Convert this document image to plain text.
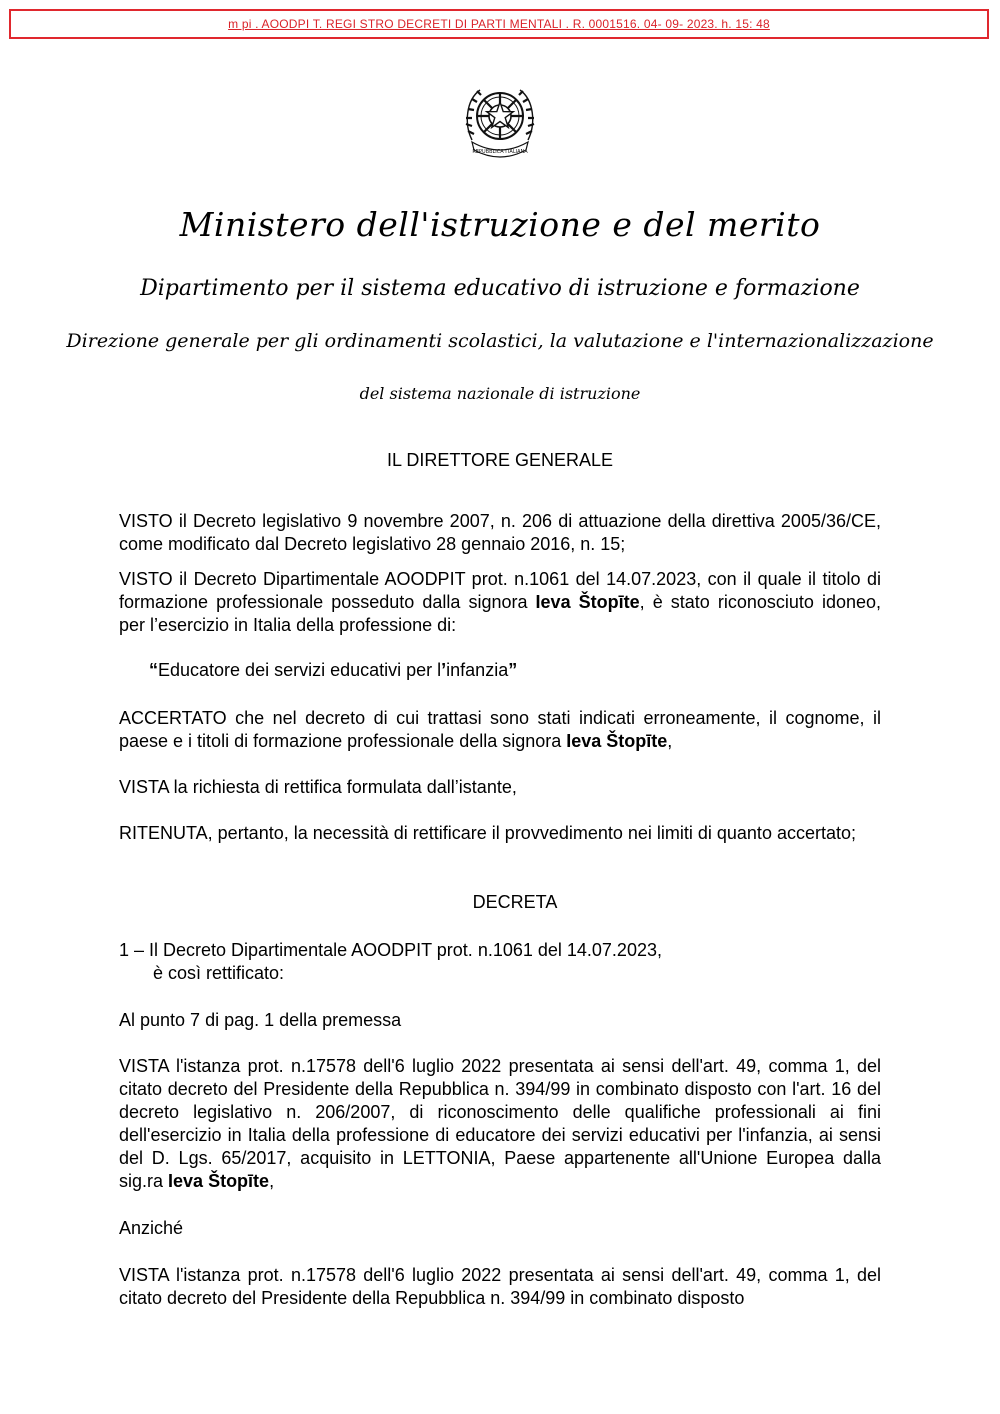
m pi . AOODPI T. REGI STRO DECRETI DI PARTI MENTALI . R. 0001516. 04- 09- 2023. h. 15: 48
REPUBBLICA ITALIANA
Ministero dell'istruzione e del merito
Dipartimento per il sistema educativo di istruzione e formazione
Direzione generale per gli ordinamenti scolastici, la valutazione e l'internazionalizzazione
del sistema nazionale di istruzione
IL DIRETTORE GENERALE
VISTO il Decreto legislativo 9 novembre 2007, n. 206 di attuazione della direttiva 2005/36/CE, come modificato dal Decreto legislativo 28 gennaio 2016, n. 15;
VISTO il Decreto Dipartimentale AOODPIT prot. n.1061 del 14.07.2023, con il quale il titolo di formazione professionale posseduto dalla signora Ieva Štopīte, è stato riconosciuto idoneo, per l’esercizio in Italia della professione di:
“Educatore dei servizi educativi per l’infanzia”
ACCERTATO che nel decreto di cui trattasi sono stati indicati erroneamente, il cognome, il paese e i titoli di formazione professionale della signora Ieva Štopīte,
VISTA la richiesta di rettifica formulata dall’istante,
RITENUTA, pertanto, la necessità di rettificare il provvedimento nei limiti di quanto accertato;
DECRETA
1 – Il Decreto Dipartimentale AOODPIT prot. n.1061 del 14.07.2023,
è così rettificato:
Al punto 7 di pag. 1 della premessa
VISTA l'istanza prot. n.17578 dell'6 luglio 2022 presentata ai sensi dell'art. 49, comma 1, del citato decreto del Presidente della Repubblica n. 394/99 in combinato disposto con l'art. 16 del decreto legislativo n. 206/2007, di riconoscimento delle qualifiche professionali ai fini dell'esercizio in Italia della professione di educatore dei servizi educativi per l'infanzia, ai sensi del D. Lgs. 65/2017, acquisito in LETTONIA, Paese appartenente all'Unione Europea dalla sig.ra Ieva Štopīte,
Anziché
VISTA l'istanza prot. n.17578 dell'6 luglio 2022 presentata ai sensi dell'art. 49, comma 1, del citato decreto del Presidente della Repubblica n. 394/99 in combinato disposto
